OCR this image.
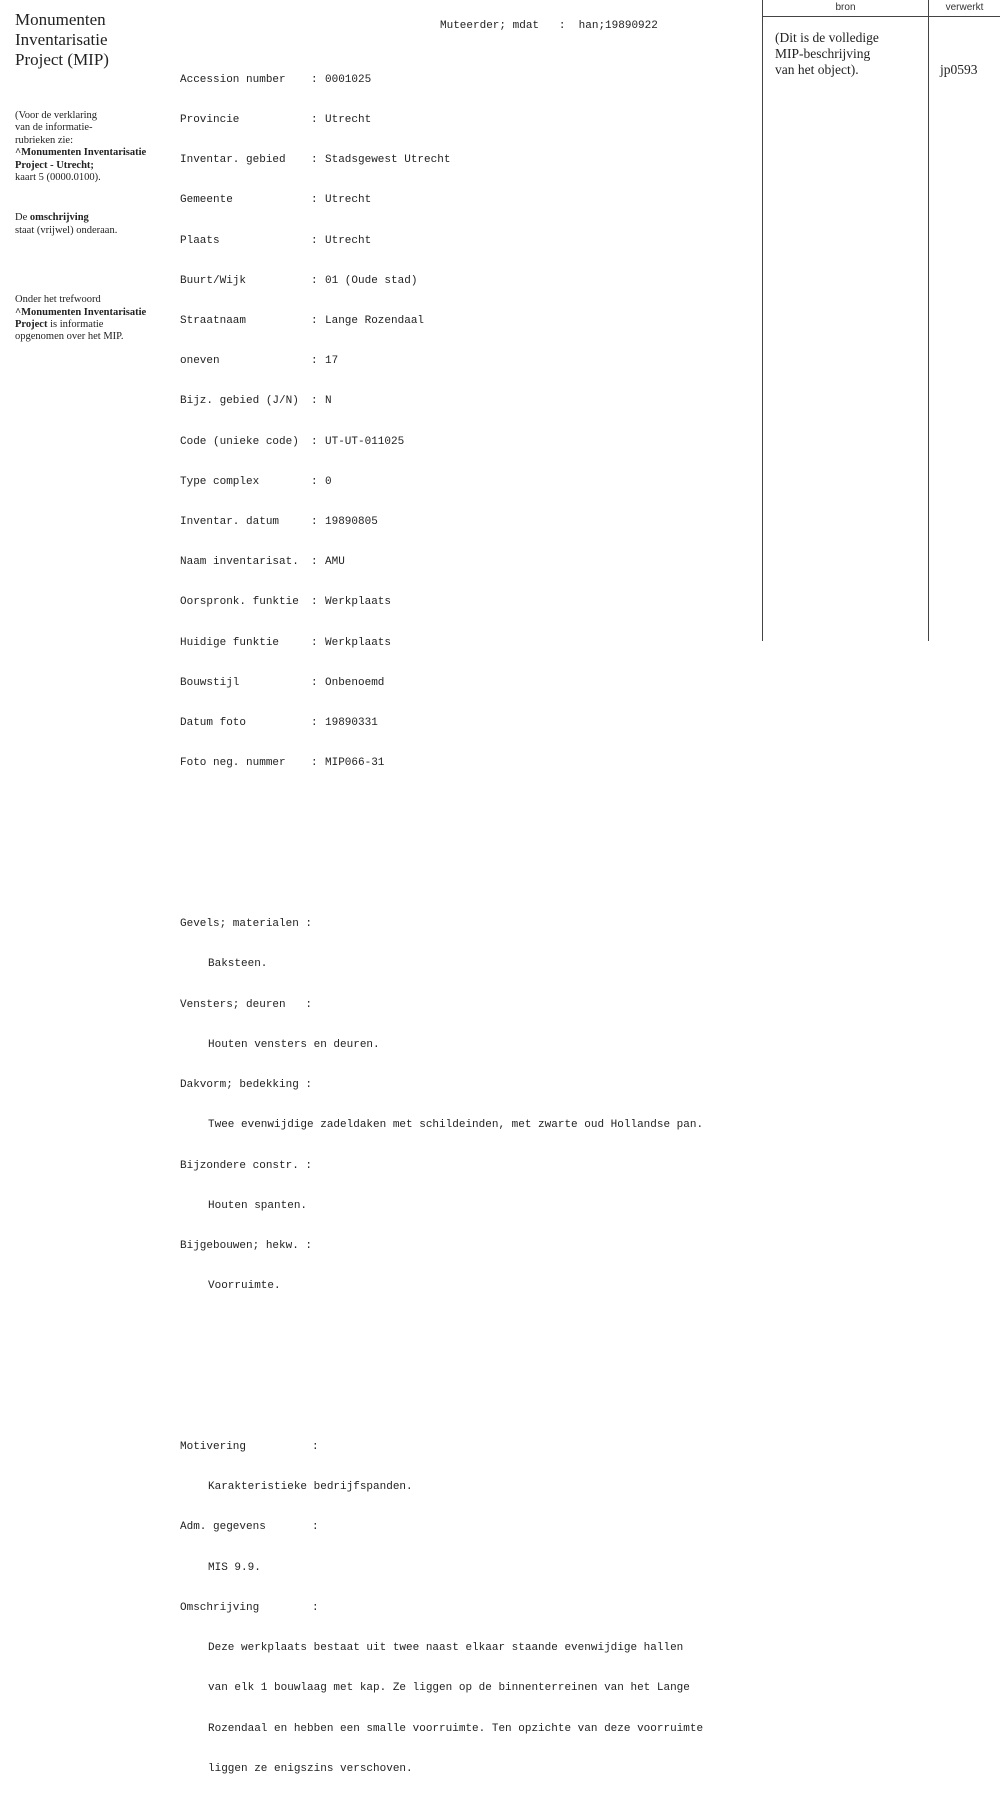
Monumenten
Inventarisatie
Project (MIP)
(Voor de verklaring
van de informatie-
rubrieken zie:
^Monumenten Inventarisatie
Project - Utrecht;
kaart 5 (0000.0100).
De omschrijving
staat (vrijwel) onderaan.
Onder het trefwoord
^Monumenten Inventarisatie
Project is informatie
opgenomen over het MIP.
Muteerder; mdat   :  han;19890922

Accession number	: 0001025

Provincie	: Utrecht

Inventar. gebied	: Stadsgewest Utrecht

Gemeente	: Utrecht

Plaats	: Utrecht

Buurt/Wijk	: 01 (Oude stad)

Straatnaam	: Lange Rozendaal

oneven	: 17

Bijz. gebied (J/N)	: N

Code (unieke code)	: UT-UT-011025

Type complex	: 0

Inventar. datum	: 19890805

Naam inventarisat.	: AMU

Oorspronk. funktie	: Werkplaats

Huidige funktie	: Werkplaats

Bouwstijl	: Onbenoemd

Datum foto	: 19890331

Foto neg. nummer	: MIP066-31

Gevels; materialen :

Baksteen.

Vensters; deuren   :

Houten vensters en deuren.

Dakvorm; bedekking :

Twee evenwijdige zadeldaken met schildeinden, met zwarte oud Hollandse pan.

Bijzondere constr. :

Houten spanten.

Bijgebouwen; hekw. :

Voorruimte.

Motivering          :

Karakteristieke bedrijfspanden.

Adm. gegevens       :

MIS 9.9.

Omschrijving        :

Deze werkplaats bestaat uit twee naast elkaar staande evenwijdige hallen

van elk 1 bouwlaag met kap. Ze liggen op de binnenterreinen van het Lange

Rozendaal en hebben een smalle voorruimte. Ten opzichte van deze voorruimte

liggen ze enigszins verschoven.

bron	verwerkt
(Dit is de volledige
MIP-beschrijving
van het object).	jp0593
